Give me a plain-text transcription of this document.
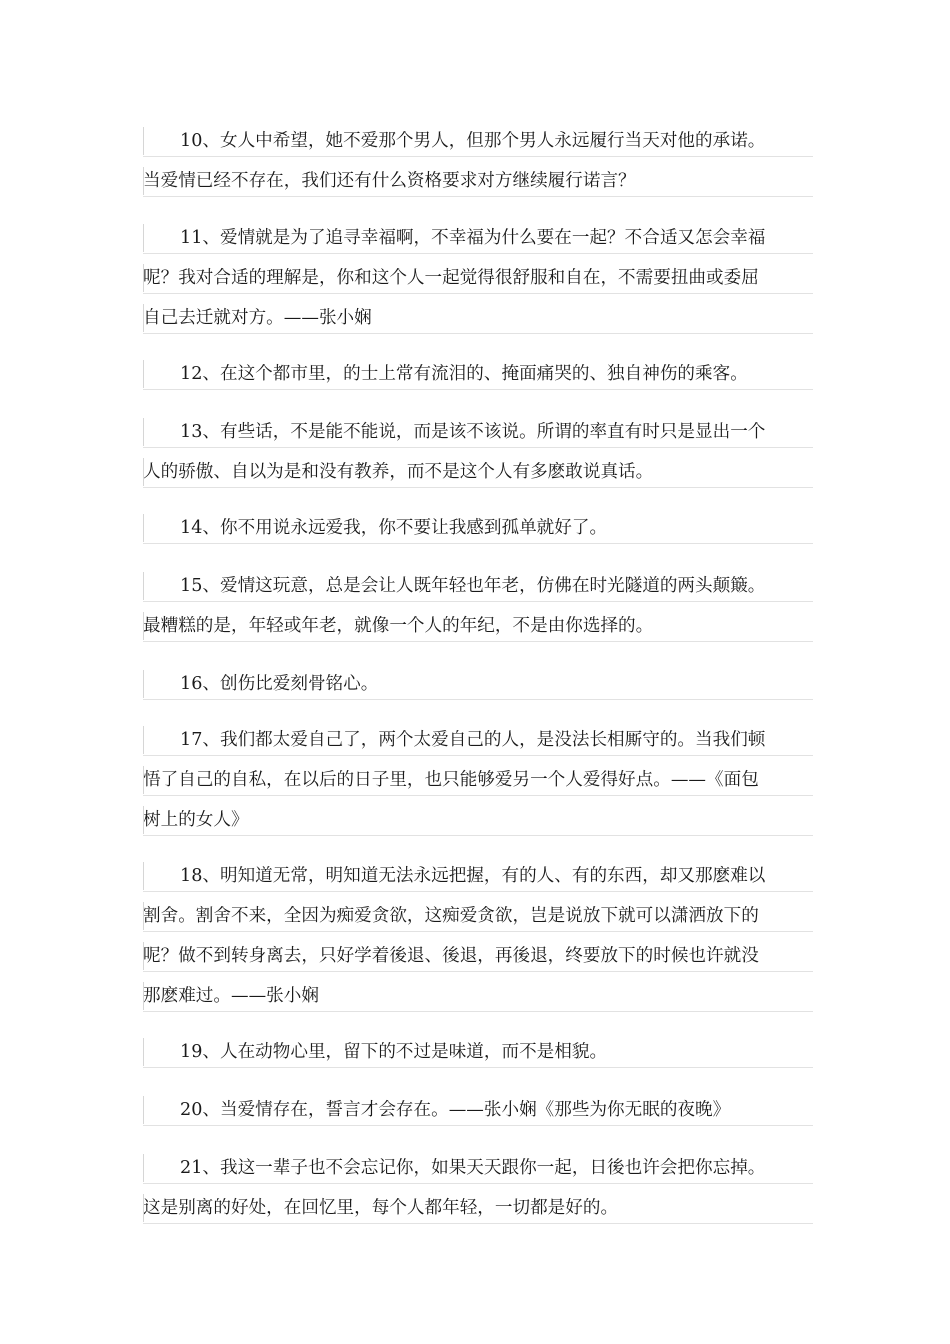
10、女人中希望，她不爱那个男人，但那个男人永远履行当天对他的承诺。
当爱情已经不存在，我们还有什么资格要求对方继续履行诺言？
11、爱情就是为了追寻幸福啊，不幸福为什么要在一起？不合适又怎会幸福
呢？我对合适的理解是，你和这个人一起觉得很舒服和自在，不需要扭曲或委屈
自己去迁就对方。——张小娴
12、在这个都市里，的士上常有流泪的、掩面痛哭的、独自神伤的乘客。
13、有些话，不是能不能说，而是该不该说。所谓的率直有时只是显出一个
人的骄傲、自以为是和没有教养，而不是这个人有多麽敢说真话。
14、你不用说永远爱我，你不要让我感到孤单就好了。
15、爱情这玩意，总是会让人既年轻也年老，仿佛在时光隧道的两头颠簸。
最糟糕的是，年轻或年老，就像一个人的年纪，不是由你选择的。
16、创伤比爱刻骨铭心。
17、我们都太爱自己了，两个太爱自己的人，是没法长相厮守的。当我们顿
悟了自己的自私，在以后的日子里，也只能够爱另一个人爱得好点。——《面包
树上的女人》
18、明知道无常，明知道无法永远把握，有的人、有的东西，却又那麽难以
割舍。割舍不来，全因为痴爱贪欲，这痴爱贪欲，岂是说放下就可以潇洒放下的
呢？做不到转身离去，只好学着後退、後退，再後退，终要放下的时候也许就没
那麽难过。——张小娴
19、人在动物心里，留下的不过是味道，而不是相貌。
20、当爱情存在，誓言才会存在。——张小娴《那些为你无眠的夜晚》
21、我这一辈子也不会忘记你，如果天天跟你一起，日後也许会把你忘掉。
这是别离的好处，在回忆里，每个人都年轻，一切都是好的。
